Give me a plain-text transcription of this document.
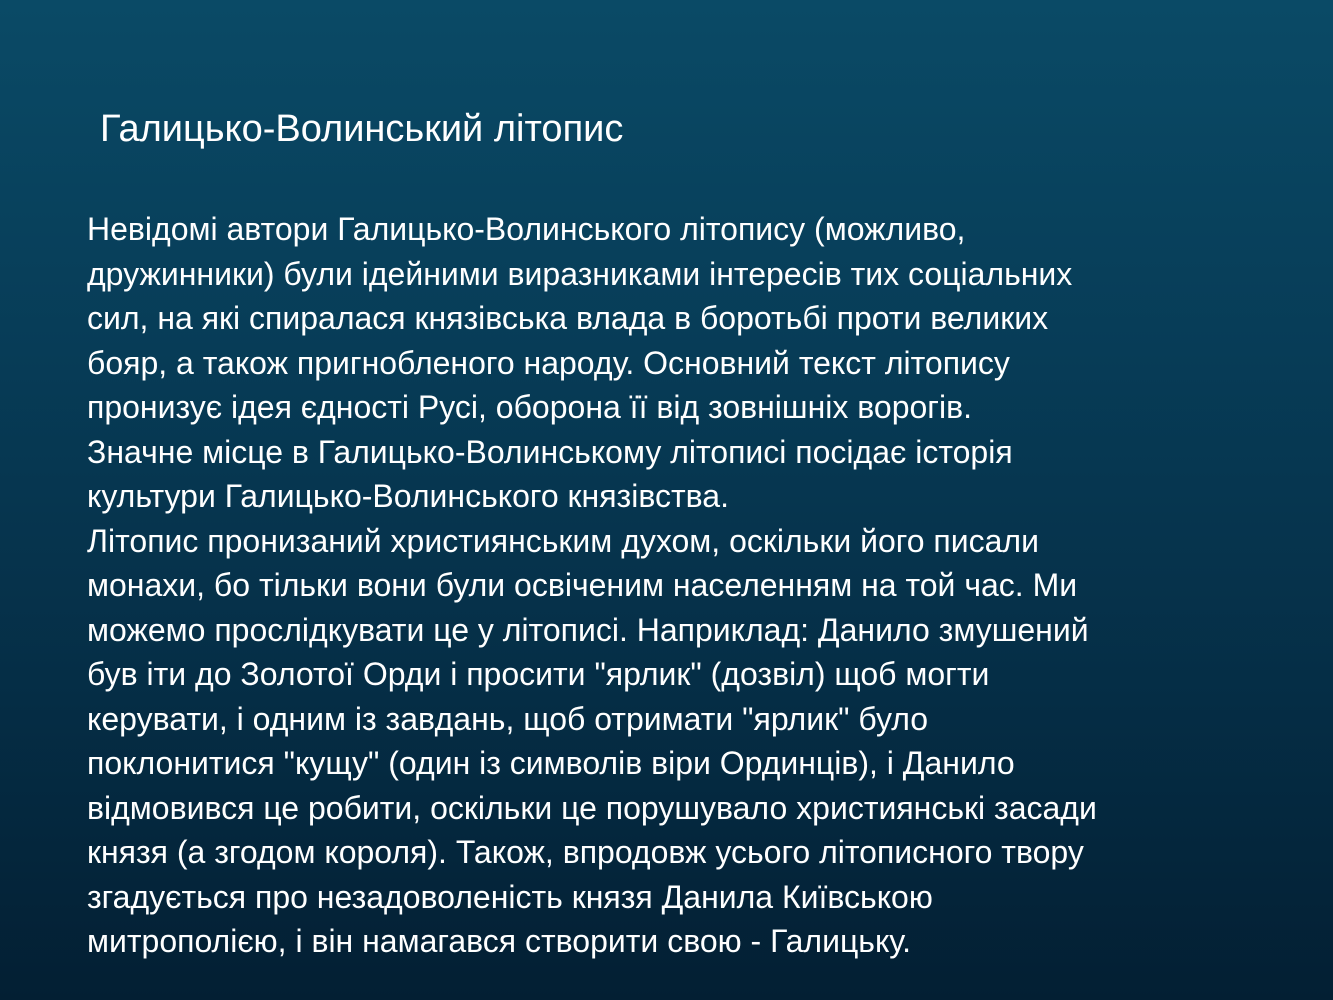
Галицько-Волинський літопис

Невідомі автори Галицько-Волинського літопису (можливо,
дружинники) були ідейними виразниками інтересів тих соціальних
сил, на які спиралася князівська влада в боротьбі проти великих
бояр, а також пригнобленого народу. Основний текст літопису
пронизує ідея єдності Русі, оборона її від зовнішніх ворогів.
Значне місце в Галицько-Волинському літописі посідає історія
культури Галицько-Волинського князівства.

Літопис пронизаний християнським духом, оскільки його писали
монахи, бо тільки вони були освіченим населенням на той час. Ми
можемо прослідкувати це у літописі. Наприклад: Данило змушений
був іти до Золотої Орди і просити "ярлик" (дозвіл) щоб могти
керувати, і одним із завдань, щоб отримати "ярлик" було
поклонитися "кущу" (один із символів віри Ординців), і Данило
відмовився це робити, оскільки це порушувало християнські засади
князя (а згодом короля). Також, впродовж усього літописного твору
згадується про незадоволеність князя Данила Київською
митрополією, і він намагався створити свою - Галицьку.
